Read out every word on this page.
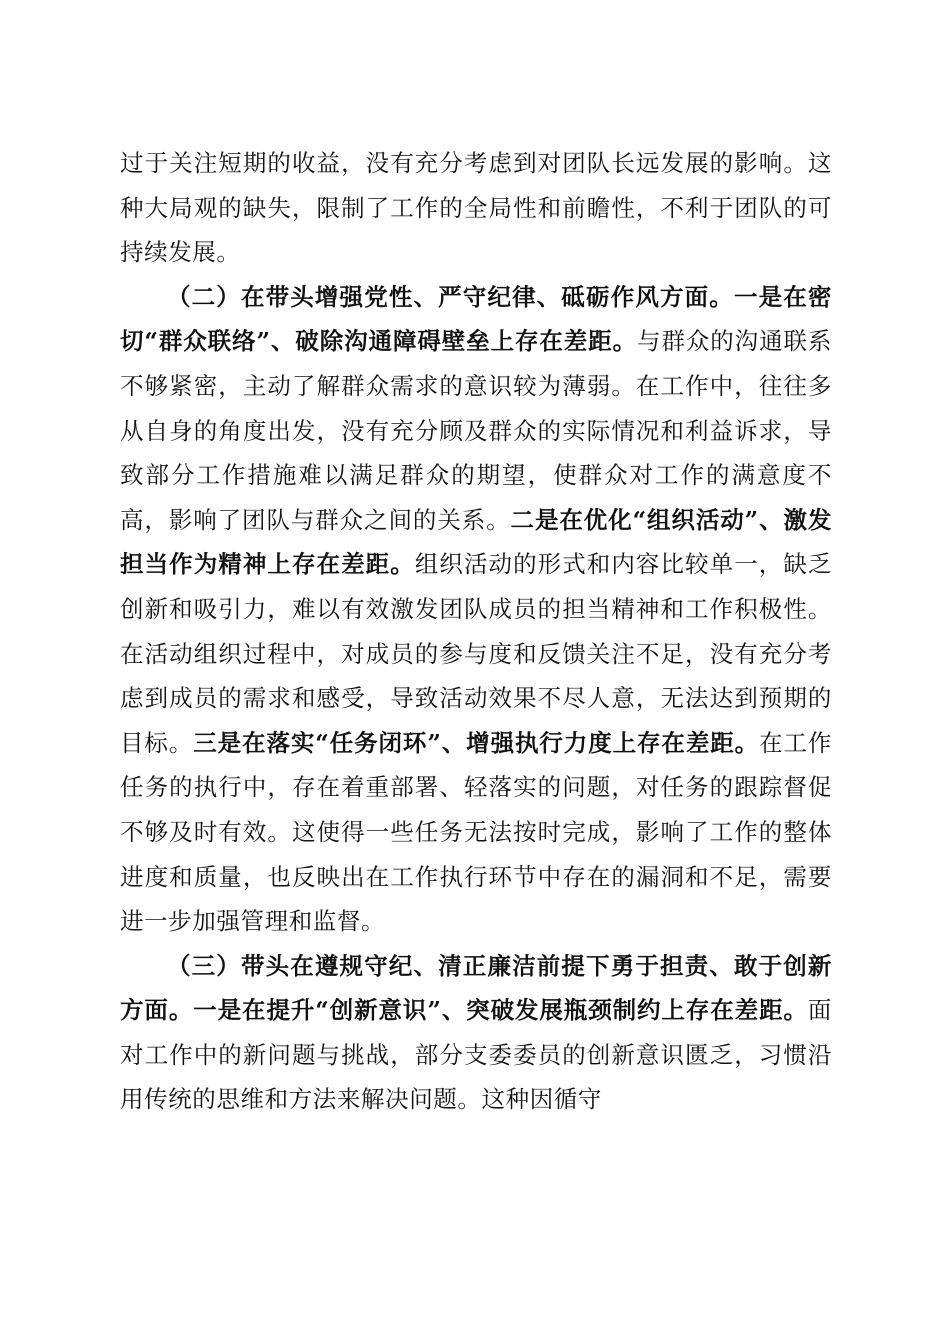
过于关注短期的收益，没有充分考虑到对团队长远发展的影响。这种大局观的缺失，限制了工作的全局性和前瞻性，不利于团队的可持续发展。

（二）在带头增强党性、严守纪律、砥砺作风方面。一是在密切“群众联络”、破除沟通障碍壁垒上存在差距。与群众的沟通联系不够紧密，主动了解群众需求的意识较为薄弱。在工作中，往往多从自身的角度出发，没有充分顾及群众的实际情况和利益诉求，导致部分工作措施难以满足群众的期望，使群众对工作的满意度不高，影响了团队与群众之间的关系。二是在优化“组织活动”、激发担当作为精神上存在差距。组织活动的形式和内容比较单一，缺乏创新和吸引力，难以有效激发团队成员的担当精神和工作积极性。在活动组织过程中，对成员的参与度和反馈关注不足，没有充分考虑到成员的需求和感受，导致活动效果不尽人意，无法达到预期的目标。三是在落实“任务闭环”、增强执行力度上存在差距。在工作任务的执行中，存在着重部署、轻落实的问题，对任务的跟踪督促不够及时有效。这使得一些任务无法按时完成，影响了工作的整体进度和质量，也反映出在工作执行环节中存在的漏洞和不足，需要进一步加强管理和监督。

（三）带头在遵规守纪、清正廉洁前提下勇于担责、敢于创新方面。一是在提升“创新意识”、突破发展瓶颈制约上存在差距。面对工作中的新问题与挑战，部分支委委员的创新意识匮乏，习惯沿用传统的思维和方法来解决问题。这种因循守
